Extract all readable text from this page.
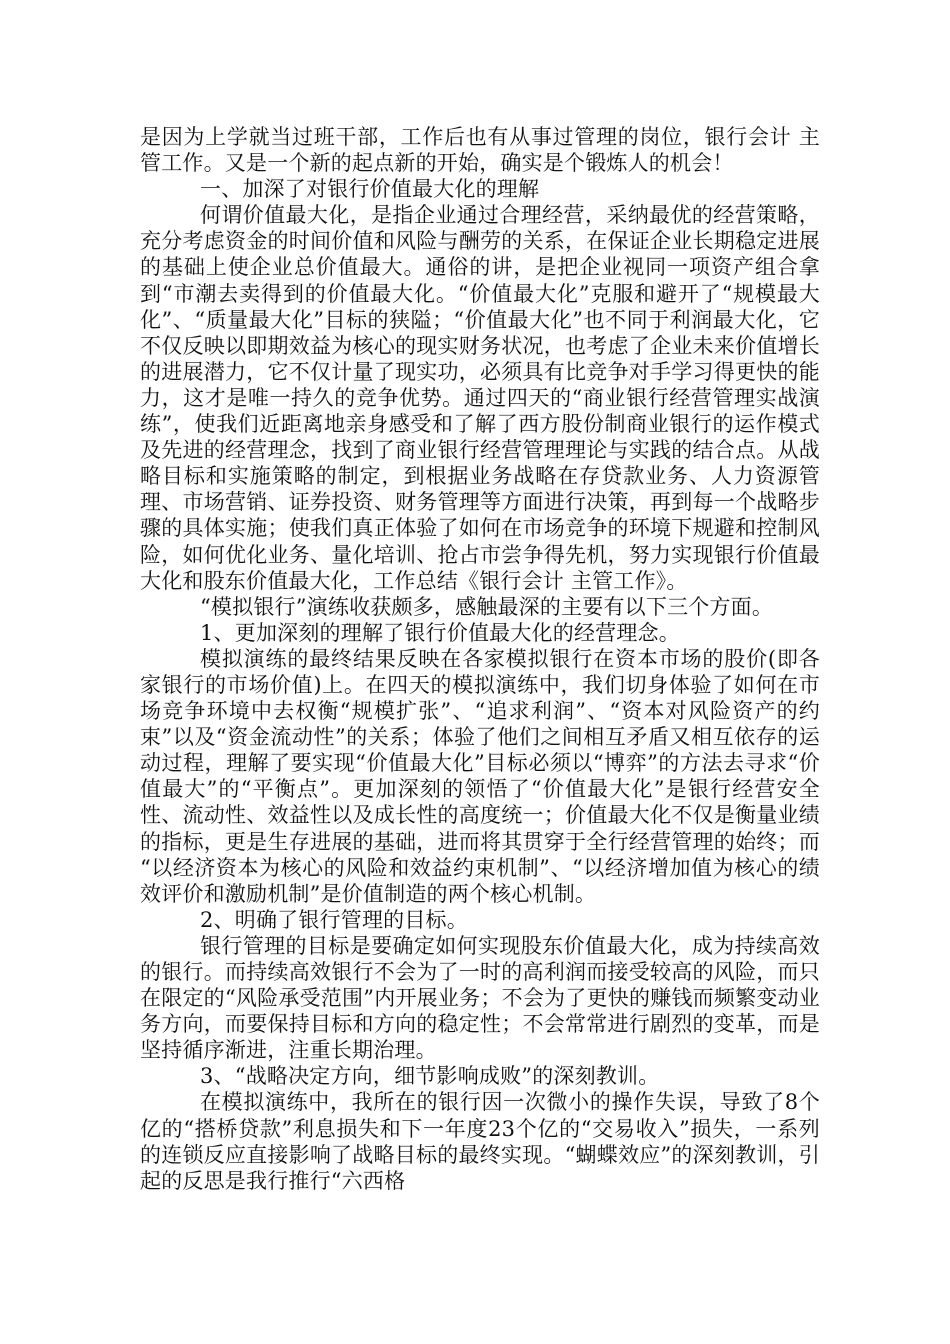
是因为上学就当过班干部，工作后也有从事过管理的岗位，银行会计 主管工作。又是一个新的起点新的开始，确实是个锻炼人的机会！

一、加深了对银行价值最大化的理解

何谓价值最大化，是指企业通过合理经营，采纳最优的经营策略，充分考虑资金的时间价值和风险与酬劳的关系，在保证企业长期稳定进展的基础上使企业总价值最大。通俗的讲，是把企业视同一项资产组合拿到“市潮去卖得到的价值最大化。“价值最大化”克服和避开了“规模最大化”、“质量最大化”目标的狭隘；“价值最大化”也不同于利润最大化，它不仅反映以即期效益为核心的现实财务状况，也考虑了企业未来价值增长的进展潜力，它不仅计量了现实功，必须具有比竞争对手学习得更快的能力，这才是唯一持久的竞争优势。通过四天的“商业银行经营管理实战演练”，使我们近距离地亲身感受和了解了西方股份制商业银行的运作模式及先进的经营理念，找到了商业银行经营管理理论与实践的结合点。从战略目标和实施策略的制定，到根据业务战略在存贷款业务、人力资源管理、市场营销、证券投资、财务管理等方面进行决策，再到每一个战略步骤的具体实施；使我们真正体验了如何在市场竞争的环境下规避和控制风险，如何优化业务、量化培训、抢占市尝争得先机，努力实现银行价值最大化和股东价值最大化，工作总结《银行会计 主管工作》。

“模拟银行”演练收获颇多，感触最深的主要有以下三个方面。

1、更加深刻的理解了银行价值最大化的经营理念。

模拟演练的最终结果反映在各家模拟银行在资本市场的股价(即各家银行的市场价值)上。在四天的模拟演练中，我们切身体验了如何在市场竞争环境中去权衡“规模扩张”、“追求利润”、“资本对风险资产的约束”以及“资金流动性”的关系；体验了他们之间相互矛盾又相互依存的运动过程，理解了要实现“价值最大化”目标必须以“博弈”的方法去寻求“价值最大”的“平衡点”。更加深刻的领悟了“价值最大化”是银行经营安全性、流动性、效益性以及成长性的高度统一；价值最大化不仅是衡量业绩的指标，更是生存进展的基础，进而将其贯穿于全行经营管理的始终；而 “以经济资本为核心的风险和效益约束机制”、“以经济增加值为核心的绩效评价和激励机制”是价值制造的两个核心机制。

2、明确了银行管理的目标。

银行管理的目标是要确定如何实现股东价值最大化，成为持续高效的银行。而持续高效银行不会为了一时的高利润而接受较高的风险，而只在限定的“风险承受范围”内开展业务；不会为了更快的赚钱而频繁变动业务方向，而要保持目标和方向的稳定性；不会常常进行剧烈的变革，而是坚持循序渐进，注重长期治理。

3、“战略决定方向，细节影响成败”的深刻教训。

在模拟演练中，我所在的银行因一次微小的操作失误，导致了8个亿的“搭桥贷款”利息损失和下一年度23个亿的“交易收入”损失，一系列的连锁反应直接影响了战略目标的最终实现。“蝴蝶效应”的深刻教训，引起的反思是我行推行“六西格
